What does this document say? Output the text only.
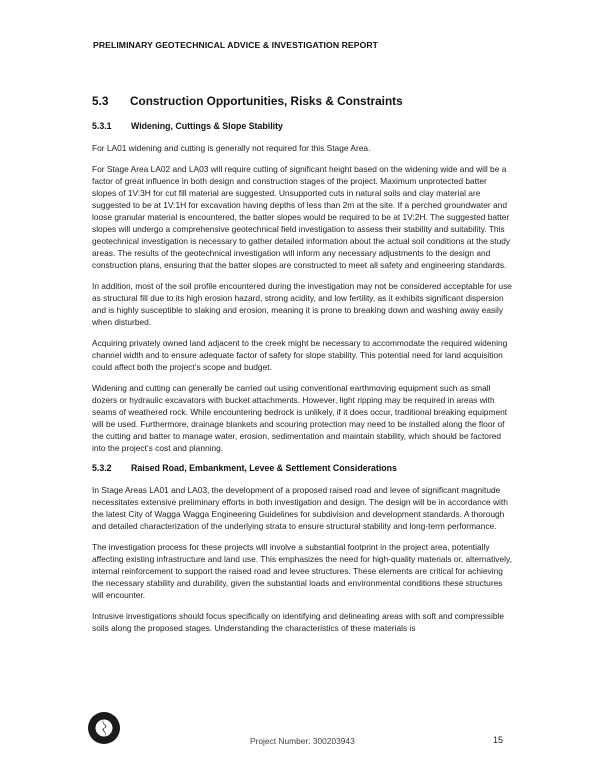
PRELIMINARY GEOTECHNICAL ADVICE & INVESTIGATION REPORT
5.3	Construction Opportunities, Risks & Constraints
5.3.1	Widening, Cuttings & Slope Stability

For LA01 widening and cutting is generally not required for this Stage Area.

For Stage Area LA02 and LA03 will require cutting of significant height based on the widening wide and will be a factor of great influence in both design and construction stages of the project. Maximum unprotected batter slopes of 1V:3H for cut fill material are suggested. Unsupported cuts in natural soils and clay material are suggested to be at 1V:1H for excavation having depths of less than 2m at the site. If a perched groundwater and loose granular material is encountered, the batter slopes would be required to be at 1V:2H. The suggested batter slopes will undergo a comprehensive geotechnical field investigation to assess their stability and suitability. This geotechnical investigation is necessary to gather detailed information about the actual soil conditions at the study areas. The results of the geotechnical investigation will inform any necessary adjustments to the design and construction plans, ensuring that the batter slopes are constructed to meet all safety and engineering standards.

In addition, most of the soil profile encountered during the investigation may not be considered acceptable for use as structural fill due to its high erosion hazard, strong acidity, and low fertility, as it exhibits significant dispersion and is highly susceptible to slaking and erosion, meaning it is prone to breaking down and washing away easily when disturbed.

Acquiring privately owned land adjacent to the creek might be necessary to accommodate the required widening channel width and to ensure adequate factor of safety for slope stability. This potential need for land acquisition could affect both the project’s scope and budget.

Widening and cutting can generally be carried out using conventional earthmoving equipment such as small dozers or hydraulic excavators with bucket attachments. However, light ripping may be required in areas with seams of weathered rock. While encountering bedrock is unlikely, if it does occur, traditional breaking equipment will be used. Furthermore, drainage blankets and scouring protection may need to be installed along the floor of the cutting and batter to manage water, erosion, sedimentation and maintain stability, which should be factored into the project’s cost and planning.

5.3.2	Raised Road, Embankment, Levee & Settlement Considerations

In Stage Areas LA01 and LA03, the development of a proposed raised road and levee of significant magnitude necessitates extensive preliminary efforts in both investigation and design. The design will be in accordance with the latest City of Wagga Wagga Engineering Guidelines for subdivision and development standards. A thorough and detailed characterization of the underlying strata to ensure structural stability and long-term performance.

The investigation process for these projects will involve a substantial footprint in the project area, potentially affecting existing infrastructure and land use. This emphasizes the need for high-quality materials or, alternatively, internal reinforcement to support the raised road and levee structures. These elements are critical for achieving the necessary stability and durability, given the substantial loads and environmental conditions these structures will encounter.

Intrusive investigations should focus specifically on identifying and delineating areas with soft and compressible soils along the proposed stages. Understanding the characteristics of these materials is

Project Number: 300203943	15
